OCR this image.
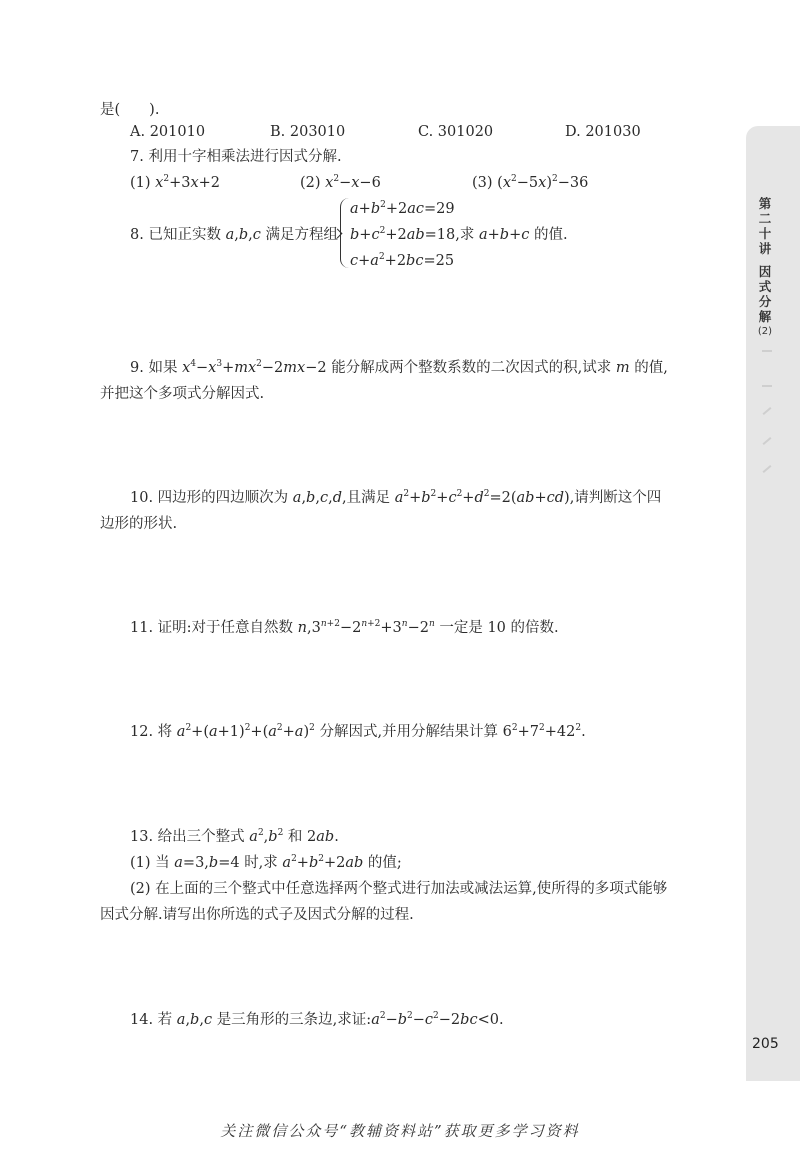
第
二
十
讲
因
式
分
解
(2)
是(　　).
A. 201010	B. 203010	C. 301020	D. 201030
7. 利用十字相乘法进行因式分解.
(1) $x^2+3x+2$	(2) $x^2-x-6$	(3) $(x^2-5x)^2-36$
8. 已知正实数 a,b,c 满足方程组
$a+b^2+2ac=29$
$b+c^2+2ab=18$,求 a+b+c 的值.
$c+a^2+2bc=25$
9. 如果 $x^4-x^3+mx^2-2mx-2$ 能分解成两个整数系数的二次因式的积,试求 m 的值,
并把这个多项式分解因式.
10. 四边形的四边顺次为 a,b,c,d,且满足 $a^2+b^2+c^2+d^2=2(ab+cd)$,请判断这个四
边形的形状.
11. 证明:对于任意自然数 $n,3^{n+2}-2^{n+2}+3^n-2^n$ 一定是 10 的倍数.
12. 将 $a^2+(a+1)^2+(a^2+a)^2$ 分解因式,并用分解结果计算 $6^2+7^2+42^2$.
13. 给出三个整式 $a^2,b^2$ 和 2ab.
(1) 当 a=3,b=4 时,求 $a^2+b^2+2ab$ 的值;
(2) 在上面的三个整式中任意选择两个整式进行加法或减法运算,使所得的多项式能够
因式分解.请写出你所选的式子及因式分解的过程.
14. 若 a,b,c 是三角形的三条边,求证$:a^2-b^2-c^2-2bc<0$.
205
关注微信公众号“教辅资料站”获取更多学习资料
